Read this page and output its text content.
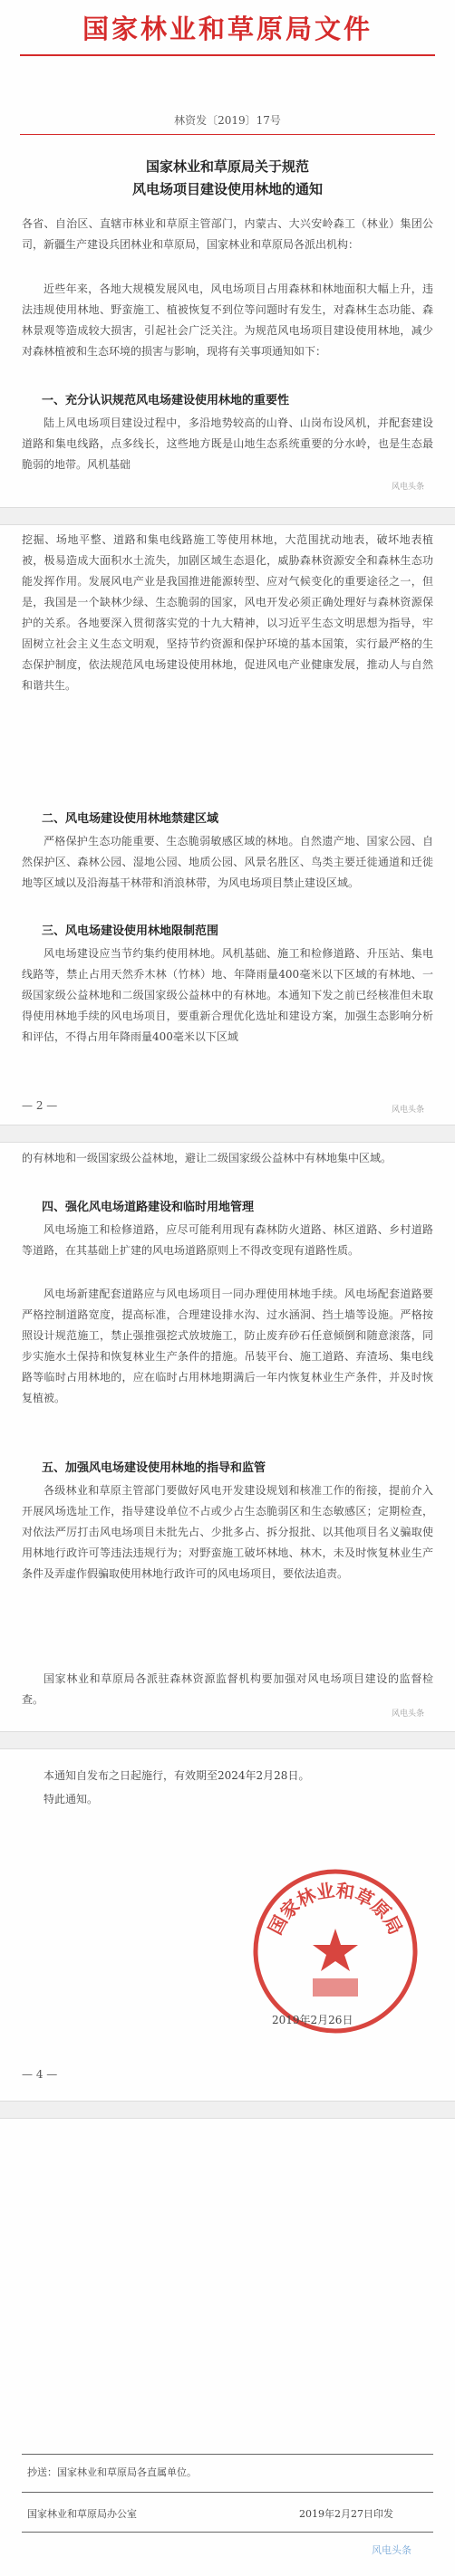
国家林业和草原局文件
林资发〔2019〕17号
国家林业和草原局关于规范
风电场项目建设使用林地的通知
各省、自治区、直辖市林业和草原主管部门，内蒙古、大兴安岭森工（林业）集团公司，新疆生产建设兵团林业和草原局，国家林业和草原局各派出机构：
近些年来，各地大规模发展风电，风电场项目占用森林和林地面积大幅上升，违法违规使用林地、野蛮施工、植被恢复不到位等问题时有发生，对森林生态功能、森林景观等造成较大损害，引起社会广泛关注。为规范风电场项目建设使用林地，减少对森林植被和生态环境的损害与影响，现将有关事项通知如下：
一、充分认识规范风电场建设使用林地的重要性
陆上风电场项目建设过程中，多沿地势较高的山脊、山岗布设风机，并配套建设道路和集电线路，点多线长，这些地方既是山地生态系统重要的分水岭，也是生态最脆弱的地带。风机基础
风电头条
挖掘、场地平整、道路和集电线路施工等使用林地，大范围扰动地表，破坏地表植被，极易造成大面积水土流失，加剧区域生态退化，威胁森林资源安全和森林生态功能发挥作用。发展风电产业是我国推进能源转型、应对气候变化的重要途径之一，但是，我国是一个缺林少绿、生态脆弱的国家，风电开发必须正确处理好与森林资源保护的关系。各地要深入贯彻落实党的十九大精神，以习近平生态文明思想为指导，牢固树立社会主义生态文明观，坚持节约资源和保护环境的基本国策，实行最严格的生态保护制度，依法规范风电场建设使用林地，促进风电产业健康发展，推动人与自然和谐共生。
二、风电场建设使用林地禁建区域
严格保护生态功能重要、生态脆弱敏感区域的林地。自然遗产地、国家公园、自然保护区、森林公园、湿地公园、地质公园、风景名胜区、鸟类主要迁徙通道和迁徙地等区域以及沿海基干林带和消浪林带，为风电场项目禁止建设区域。
三、风电场建设使用林地限制范围
风电场建设应当节约集约使用林地。风机基础、施工和检修道路、升压站、集电线路等，禁止占用天然乔木林（竹林）地、年降雨量400毫米以下区域的有林地、一级国家级公益林地和二级国家级公益林中的有林地。本通知下发之前已经核准但未取得使用林地手续的风电场项目，要重新合理优化选址和建设方案，加强生态影响分析和评估，不得占用年降雨量400毫米以下区域
— 2 —	风电头条
的有林地和一级国家级公益林地，避让二级国家级公益林中有林地集中区域。
四、强化风电场道路建设和临时用地管理
风电场施工和检修道路，应尽可能利用现有森林防火道路、林区道路、乡村道路等道路，在其基础上扩建的风电场道路原则上不得改变现有道路性质。
风电场新建配套道路应与风电场项目一同办理使用林地手续。风电场配套道路要严格控制道路宽度，提高标准，合理建设排水沟、过水涵洞、挡土墙等设施。严格按照设计规范施工，禁止强推强挖式放坡施工，防止废弃砂石任意倾倒和随意滚落，同步实施水土保持和恢复林业生产条件的措施。吊装平台、施工道路、弃渣场、集电线路等临时占用林地的，应在临时占用林地期满后一年内恢复林业生产条件，并及时恢复植被。
五、加强风电场建设使用林地的指导和监管
各级林业和草原主管部门要做好风电开发建设规划和核准工作的衔接，提前介入开展风场选址工作，指导建设单位不占或少占生态脆弱区和生态敏感区；定期检查，对依法严厉打击风电场项目未批先占、少批多占、拆分报批、以其他项目名义骗取使用林地行政许可等违法违规行为；对野蛮施工破坏林地、林木，未及时恢复林业生产条件及弄虚作假骗取使用林地行政许可的风电场项目，要依法追责。
国家林业和草原局各派驻森林资源监督机构要加强对风电场项目建设的监督检查。
风电头条
本通知自发布之日起施行，有效期至2024年2月28日。
特此通知。
国家林业和草原局
2019年2月26日
— 4 —
抄送：国家林业和草原局各直属单位。
国家林业和草原局办公室	2019年2月27日印发
风电头条
